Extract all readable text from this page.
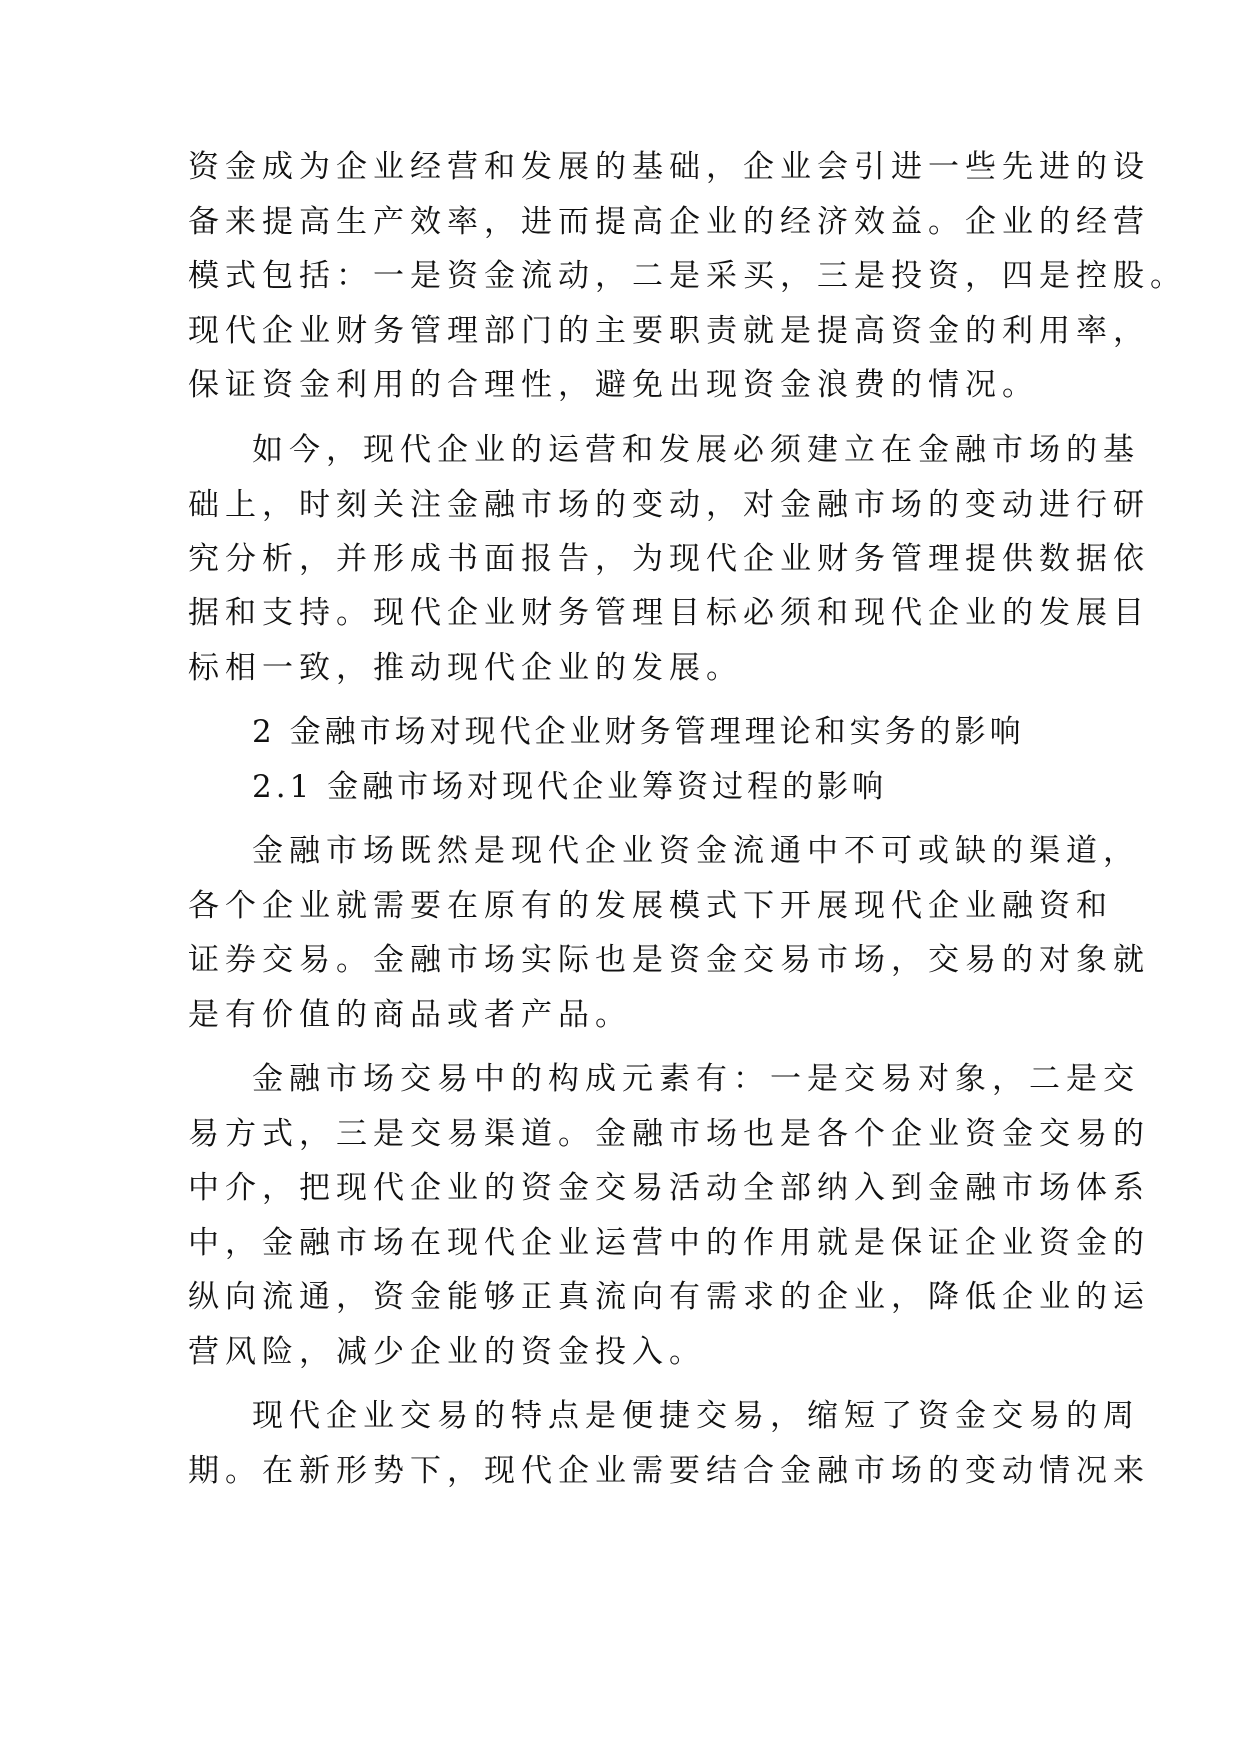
资金成为企业经营和发展的基础，企业会引进一些先进的设
备来提高生产效率，进而提高企业的经济效益。企业的经营
模式包括：一是资金流动，二是采买，三是投资，四是控股。
现代企业财务管理部门的主要职责就是提高资金的利用率，
保证资金利用的合理性，避免出现资金浪费的情况。
如今，现代企业的运营和发展必须建立在金融市场的基
础上，时刻关注金融市场的变动，对金融市场的变动进行研
究分析，并形成书面报告，为现代企业财务管理提供数据依
据和支持。现代企业财务管理目标必须和现代企业的发展目
标相一致，推动现代企业的发展。
2 金融市场对现代企业财务管理理论和实务的影响
2.1 金融市场对现代企业筹资过程的影响
金融市场既然是现代企业资金流通中不可或缺的渠道，
各个企业就需要在原有的发展模式下开展现代企业融资和
证券交易。金融市场实际也是资金交易市场，交易的对象就
是有价值的商品或者产品。
金融市场交易中的构成元素有：一是交易对象，二是交
易方式，三是交易渠道。金融市场也是各个企业资金交易的
中介，把现代企业的资金交易活动全部纳入到金融市场体系
中，金融市场在现代企业运营中的作用就是保证企业资金的
纵向流通，资金能够正真流向有需求的企业，降低企业的运
营风险，减少企业的资金投入。
现代企业交易的特点是便捷交易，缩短了资金交易的周
期。在新形势下，现代企业需要结合金融市场的变动情况来
